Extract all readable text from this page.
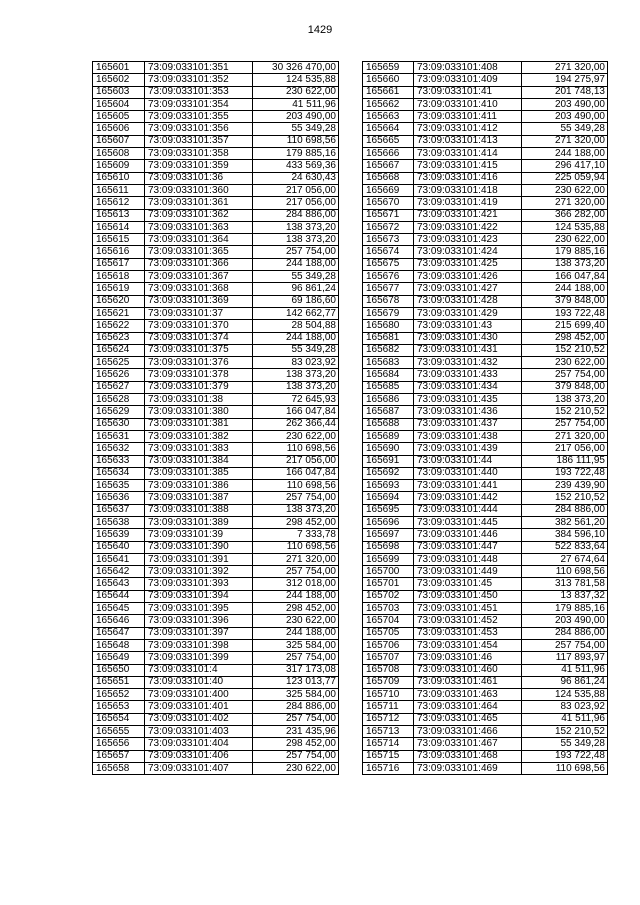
1429
165601	73:09:033101:351	30 326 470,00
165602	73:09:033101:352	124 535,88
165603	73:09:033101:353	230 622,00
165604	73:09:033101:354	41 511,96
165605	73:09:033101:355	203 490,00
165606	73:09:033101:356	55 349,28
165607	73:09:033101:357	110 698,56
165608	73:09:033101:358	179 885,16
165609	73:09:033101:359	433 569,36
165610	73:09:033101:36	24 630,43
165611	73:09:033101:360	217 056,00
165612	73:09:033101:361	217 056,00
165613	73:09:033101:362	284 886,00
165614	73:09:033101:363	138 373,20
165615	73:09:033101:364	138 373,20
165616	73:09:033101:365	257 754,00
165617	73:09:033101:366	244 188,00
165618	73:09:033101:367	55 349,28
165619	73:09:033101:368	96 861,24
165620	73:09:033101:369	69 186,60
165621	73:09:033101:37	142 662,77
165622	73:09:033101:370	28 504,88
165623	73:09:033101:374	244 188,00
165624	73:09:033101:375	55 349,28
165625	73:09:033101:376	83 023,92
165626	73:09:033101:378	138 373,20
165627	73:09:033101:379	138 373,20
165628	73:09:033101:38	72 645,93
165629	73:09:033101:380	166 047,84
165630	73:09:033101:381	262 366,44
165631	73:09:033101:382	230 622,00
165632	73:09:033101:383	110 698,56
165633	73:09:033101:384	217 056,00
165634	73:09:033101:385	166 047,84
165635	73:09:033101:386	110 698,56
165636	73:09:033101:387	257 754,00
165637	73:09:033101:388	138 373,20
165638	73:09:033101:389	298 452,00
165639	73:09:033101:39	7 333,78
165640	73:09:033101:390	110 698,56
165641	73:09:033101:391	271 320,00
165642	73:09:033101:392	257 754,00
165643	73:09:033101:393	312 018,00
165644	73:09:033101:394	244 188,00
165645	73:09:033101:395	298 452,00
165646	73:09:033101:396	230 622,00
165647	73:09:033101:397	244 188,00
165648	73:09:033101:398	325 584,00
165649	73:09:033101:399	257 754,00
165650	73:09:033101:4	317 173,08
165651	73:09:033101:40	123 013,77
165652	73:09:033101:400	325 584,00
165653	73:09:033101:401	284 886,00
165654	73:09:033101:402	257 754,00
165655	73:09:033101:403	231 435,96
165656	73:09:033101:404	298 452,00
165657	73:09:033101:406	257 754,00
165658	73:09:033101:407	230 622,00
165659	73:09:033101:408	271 320,00
165660	73:09:033101:409	194 275,97
165661	73:09:033101:41	201 748,13
165662	73:09:033101:410	203 490,00
165663	73:09:033101:411	203 490,00
165664	73:09:033101:412	55 349,28
165665	73:09:033101:413	271 320,00
165666	73:09:033101:414	244 188,00
165667	73:09:033101:415	296 417,10
165668	73:09:033101:416	225 059,94
165669	73:09:033101:418	230 622,00
165670	73:09:033101:419	271 320,00
165671	73:09:033101:421	366 282,00
165672	73:09:033101:422	124 535,88
165673	73:09:033101:423	230 622,00
165674	73:09:033101:424	179 885,16
165675	73:09:033101:425	138 373,20
165676	73:09:033101:426	166 047,84
165677	73:09:033101:427	244 188,00
165678	73:09:033101:428	379 848,00
165679	73:09:033101:429	193 722,48
165680	73:09:033101:43	215 699,40
165681	73:09:033101:430	298 452,00
165682	73:09:033101:431	152 210,52
165683	73:09:033101:432	230 622,00
165684	73:09:033101:433	257 754,00
165685	73:09:033101:434	379 848,00
165686	73:09:033101:435	138 373,20
165687	73:09:033101:436	152 210,52
165688	73:09:033101:437	257 754,00
165689	73:09:033101:438	271 320,00
165690	73:09:033101:439	217 056,00
165691	73:09:033101:44	186 111,95
165692	73:09:033101:440	193 722,48
165693	73:09:033101:441	239 439,90
165694	73:09:033101:442	152 210,52
165695	73:09:033101:444	284 886,00
165696	73:09:033101:445	382 561,20
165697	73:09:033101:446	384 596,10
165698	73:09:033101:447	522 833,64
165699	73:09:033101:448	27 674,64
165700	73:09:033101:449	110 698,56
165701	73:09:033101:45	313 781,58
165702	73:09:033101:450	13 837,32
165703	73:09:033101:451	179 885,16
165704	73:09:033101:452	203 490,00
165705	73:09:033101:453	284 886,00
165706	73:09:033101:454	257 754,00
165707	73:09:033101:46	117 893,97
165708	73:09:033101:460	41 511,96
165709	73:09:033101:461	96 861,24
165710	73:09:033101:463	124 535,88
165711	73:09:033101:464	83 023,92
165712	73:09:033101:465	41 511,96
165713	73:09:033101:466	152 210,52
165714	73:09:033101:467	55 349,28
165715	73:09:033101:468	193 722,48
165716	73:09:033101:469	110 698,56
